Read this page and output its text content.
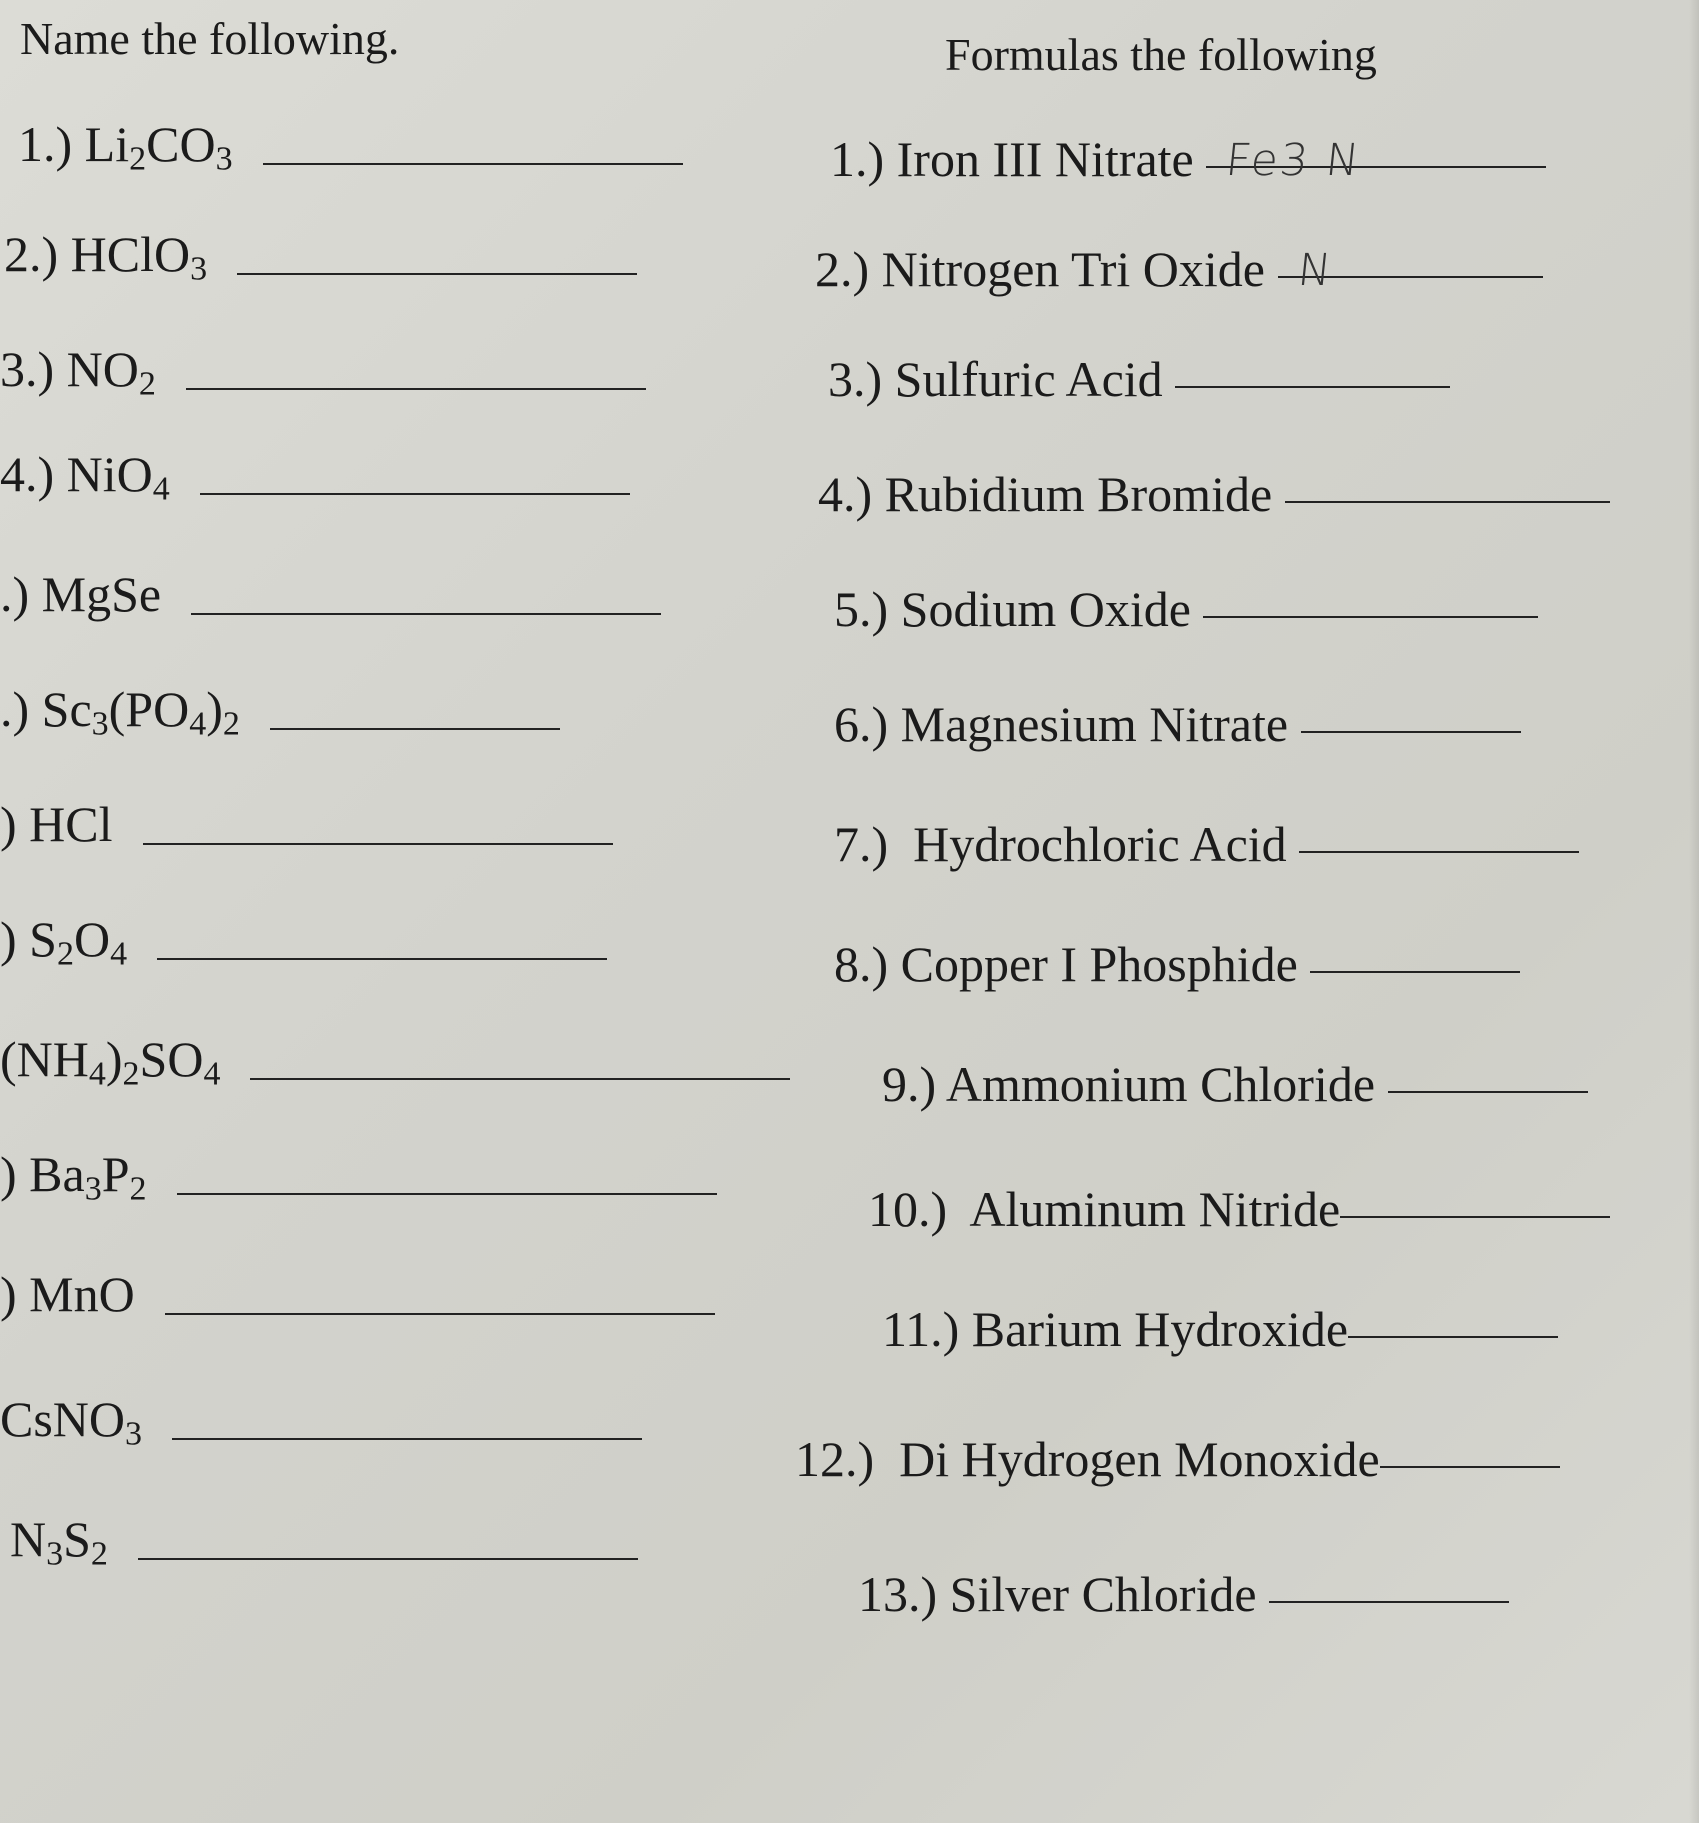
Name the following.	Formulas the following
1.) $Li_2CO_3$
2.) HClO$_3$
3.) $NO_2$
4.) NiO$_4$
.) MgSe
.) $Sc_3(PO_4)_2$
) HCl
) $S_2O_4$
$(NH_4)_2SO_4$
) $Ba_3P_2$
) MnO
CsNO$_3$
$N_3S_2$
1.) Iron III Nitrate Fe3 N
2.) Nitrogen Tri Oxide N
3.) Sulfuric Acid
4.) Rubidium Bromide
5.) Sodium Oxide
6.) Magnesium Nitrate
7.)  Hydrochloric Acid
8.) Copper I Phosphide
9.) Ammonium Chloride
10.)  Aluminum Nitride
11.) Barium Hydroxide
12.)  Di Hydrogen Monoxide
13.) Silver Chloride
